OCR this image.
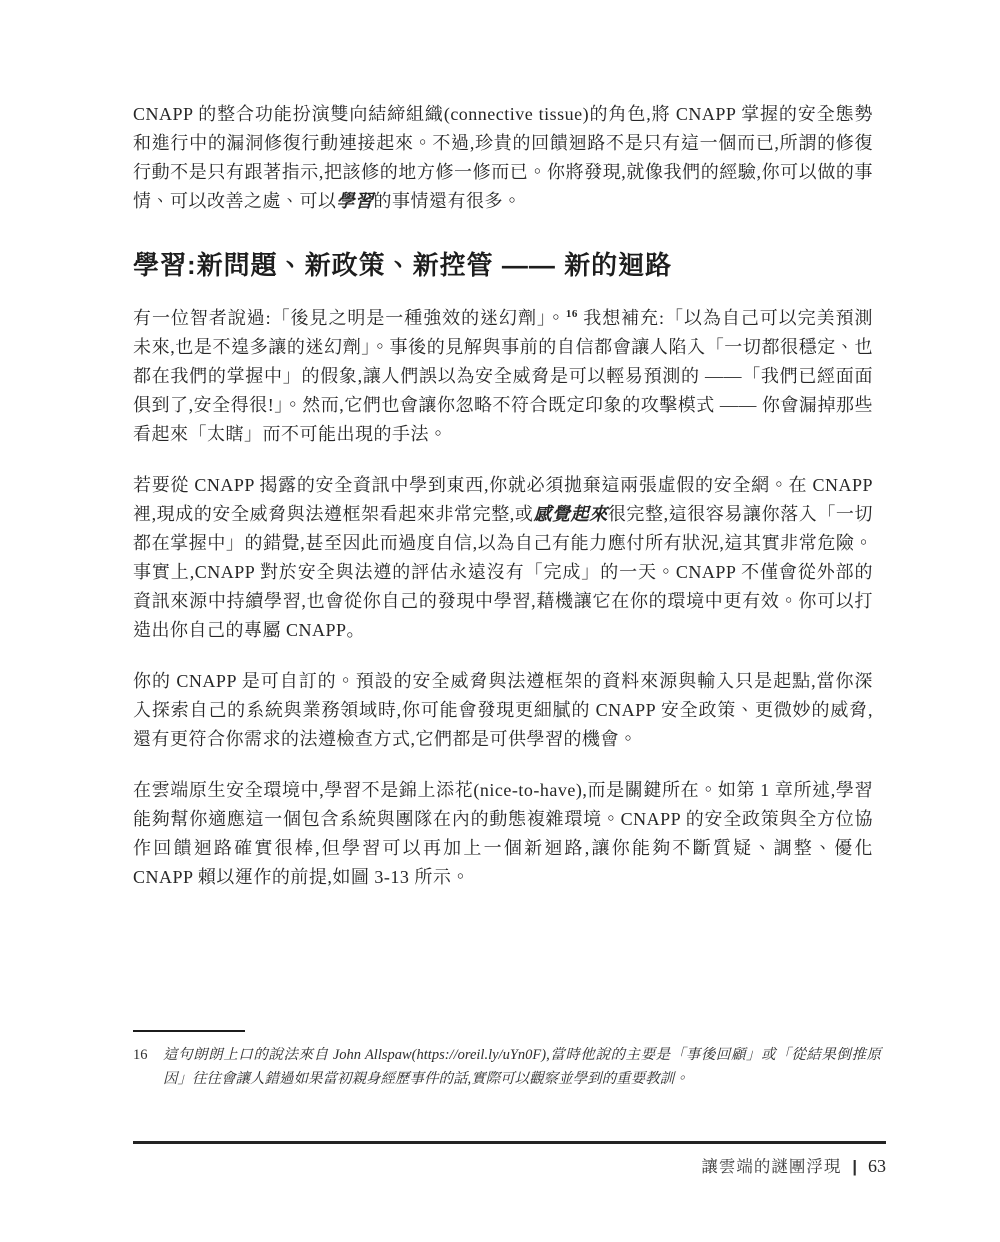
CNAPP 的整合功能扮演雙向結締組織(connective tissue)的角色,將 CNAPP 掌握的安全態勢和進行中的漏洞修復行動連接起來。不過,珍貴的回饋迴路不是只有這一個而已,所謂的修復行動不是只有跟著指示,把該修的地方修一修而已。你將發現,就像我們的經驗,你可以做的事情、可以改善之處、可以學習的事情還有很多。

學習:新問題、新政策、新控管 —— 新的迴路

有一位智者說過:「後見之明是一種強效的迷幻劑」。$^{16}$ 我想補充:「以為自己可以完美預測未來,也是不遑多讓的迷幻劑」。事後的見解與事前的自信都會讓人陷入「一切都很穩定、也都在我們的掌握中」的假象,讓人們誤以為安全威脅是可以輕易預測的 ——「我們已經面面俱到了,安全得很!」。然而,它們也會讓你忽略不符合既定印象的攻擊模式 —— 你會漏掉那些看起來「太瞎」而不可能出現的手法。

若要從 CNAPP 揭露的安全資訊中學到東西,你就必須拋棄這兩張虛假的安全網。在 CNAPP 裡,現成的安全威脅與法遵框架看起來非常完整,或感覺起來很完整,這很容易讓你落入「一切都在掌握中」的錯覺,甚至因此而過度自信,以為自己有能力應付所有狀況,這其實非常危險。事實上,CNAPP 對於安全與法遵的評估永遠沒有「完成」的一天。CNAPP 不僅會從外部的資訊來源中持續學習,也會從你自己的發現中學習,藉機讓它在你的環境中更有效。你可以打造出你自己的專屬 CNAPP。

你的 CNAPP 是可自訂的。預設的安全威脅與法遵框架的資料來源與輸入只是起點,當你深入探索自己的系統與業務領域時,你可能會發現更細膩的 CNAPP 安全政策、更微妙的威脅,還有更符合你需求的法遵檢查方式,它們都是可供學習的機會。

在雲端原生安全環境中,學習不是錦上添花(nice-to-have),而是關鍵所在。如第 1 章所述,學習能夠幫你適應這一個包含系統與團隊在內的動態複雜環境。CNAPP 的安全政策與全方位協作回饋迴路確實很棒,但學習可以再加上一個新迴路,讓你能夠不斷質疑、調整、優化 CNAPP 賴以運作的前提,如圖 3-13 所示。

16	這句朗朗上口的說法來自 John Allspaw(https://oreil.ly/uYn0F),當時他說的主要是「事後回顧」或「從結果倒推原因」往往會讓人錯過如果當初親身經歷事件的話,實際可以觀察並學到的重要教訓。
讓雲端的謎團浮現 | 63
